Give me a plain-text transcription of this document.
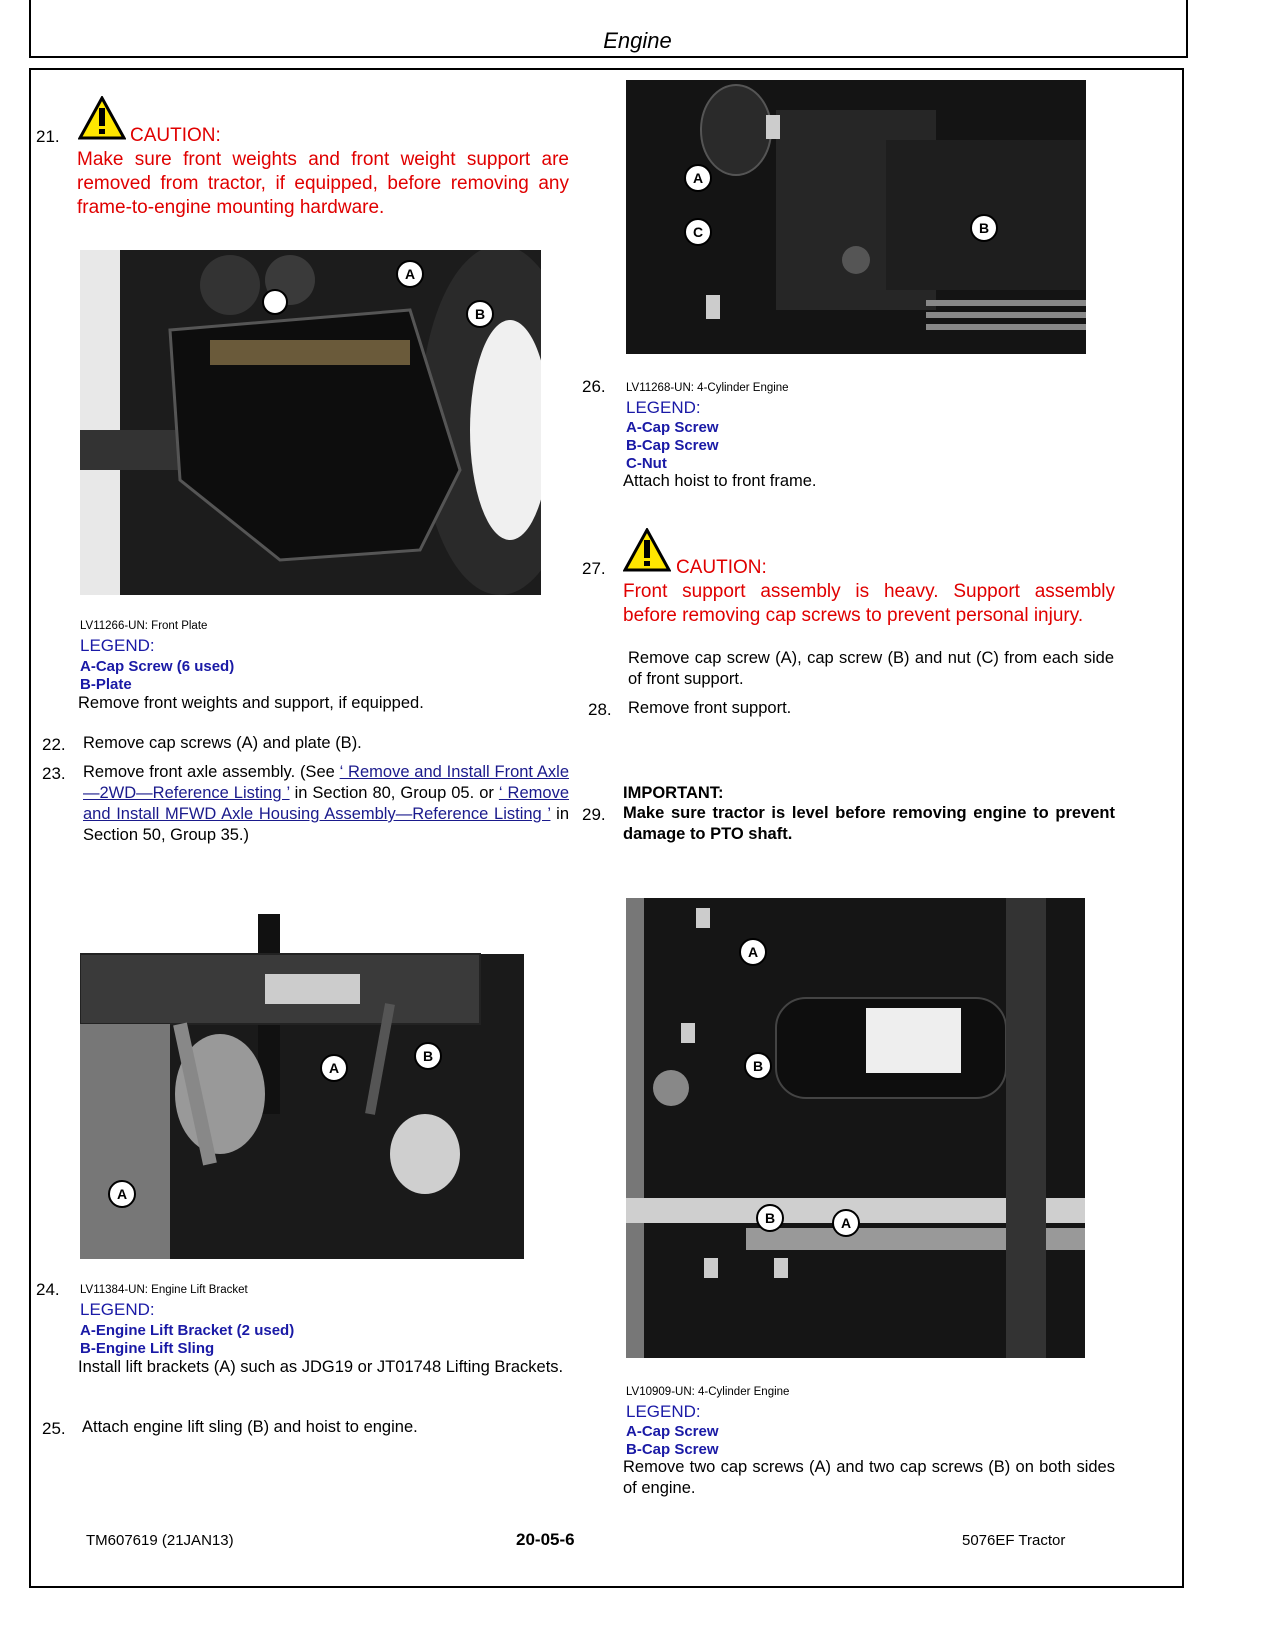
Engine
21.	CAUTION:
Make sure front weights and front weight support are removed from tractor, if equipped, before removing any frame-to-engine mounting hardware.
A
B
LV11266-UN: Front Plate
LEGEND:
A-Cap Screw (6 used)
B-Plate
Remove front weights and support, if equipped.
22. Remove cap screws (A) and plate (B).
23. Remove front axle assembly. (See ‘ Remove and Install Front Axle—2WD—Reference Listing ’ in Section 80, Group 05. or ‘ Remove and Install MFWD Axle Housing Assembly—Reference Listing ’ in Section 50, Group 35.)
A
B
A
24. LV11384-UN: Engine Lift Bracket
LEGEND:
A-Engine Lift Bracket (2 used)
B-Engine Lift Sling
Install lift brackets (A) such as JDG19 or JT01748 Lifting Brackets.
25. Attach engine lift sling (B) and hoist to engine.
A
C	B
26. LV11268-UN: 4-Cylinder Engine
LEGEND:
A-Cap Screw
B-Cap Screw
C-Nut
Attach hoist to front frame.
27.	CAUTION:
Front support assembly is heavy. Support assembly before removing cap screws to prevent personal injury.
Remove cap screw (A), cap screw (B) and nut (C) from each side of front support.
28. Remove front support.
IMPORTANT:
29. Make sure tractor is level before removing engine to prevent damage to PTO shaft.
A
B
B	A
LV10909-UN: 4-Cylinder Engine
LEGEND:
A-Cap Screw
B-Cap Screw
Remove two cap screws (A) and two cap screws (B) on both sides of engine.
TM607619 (21JAN13)	20-05-6	5076EF Tractor
